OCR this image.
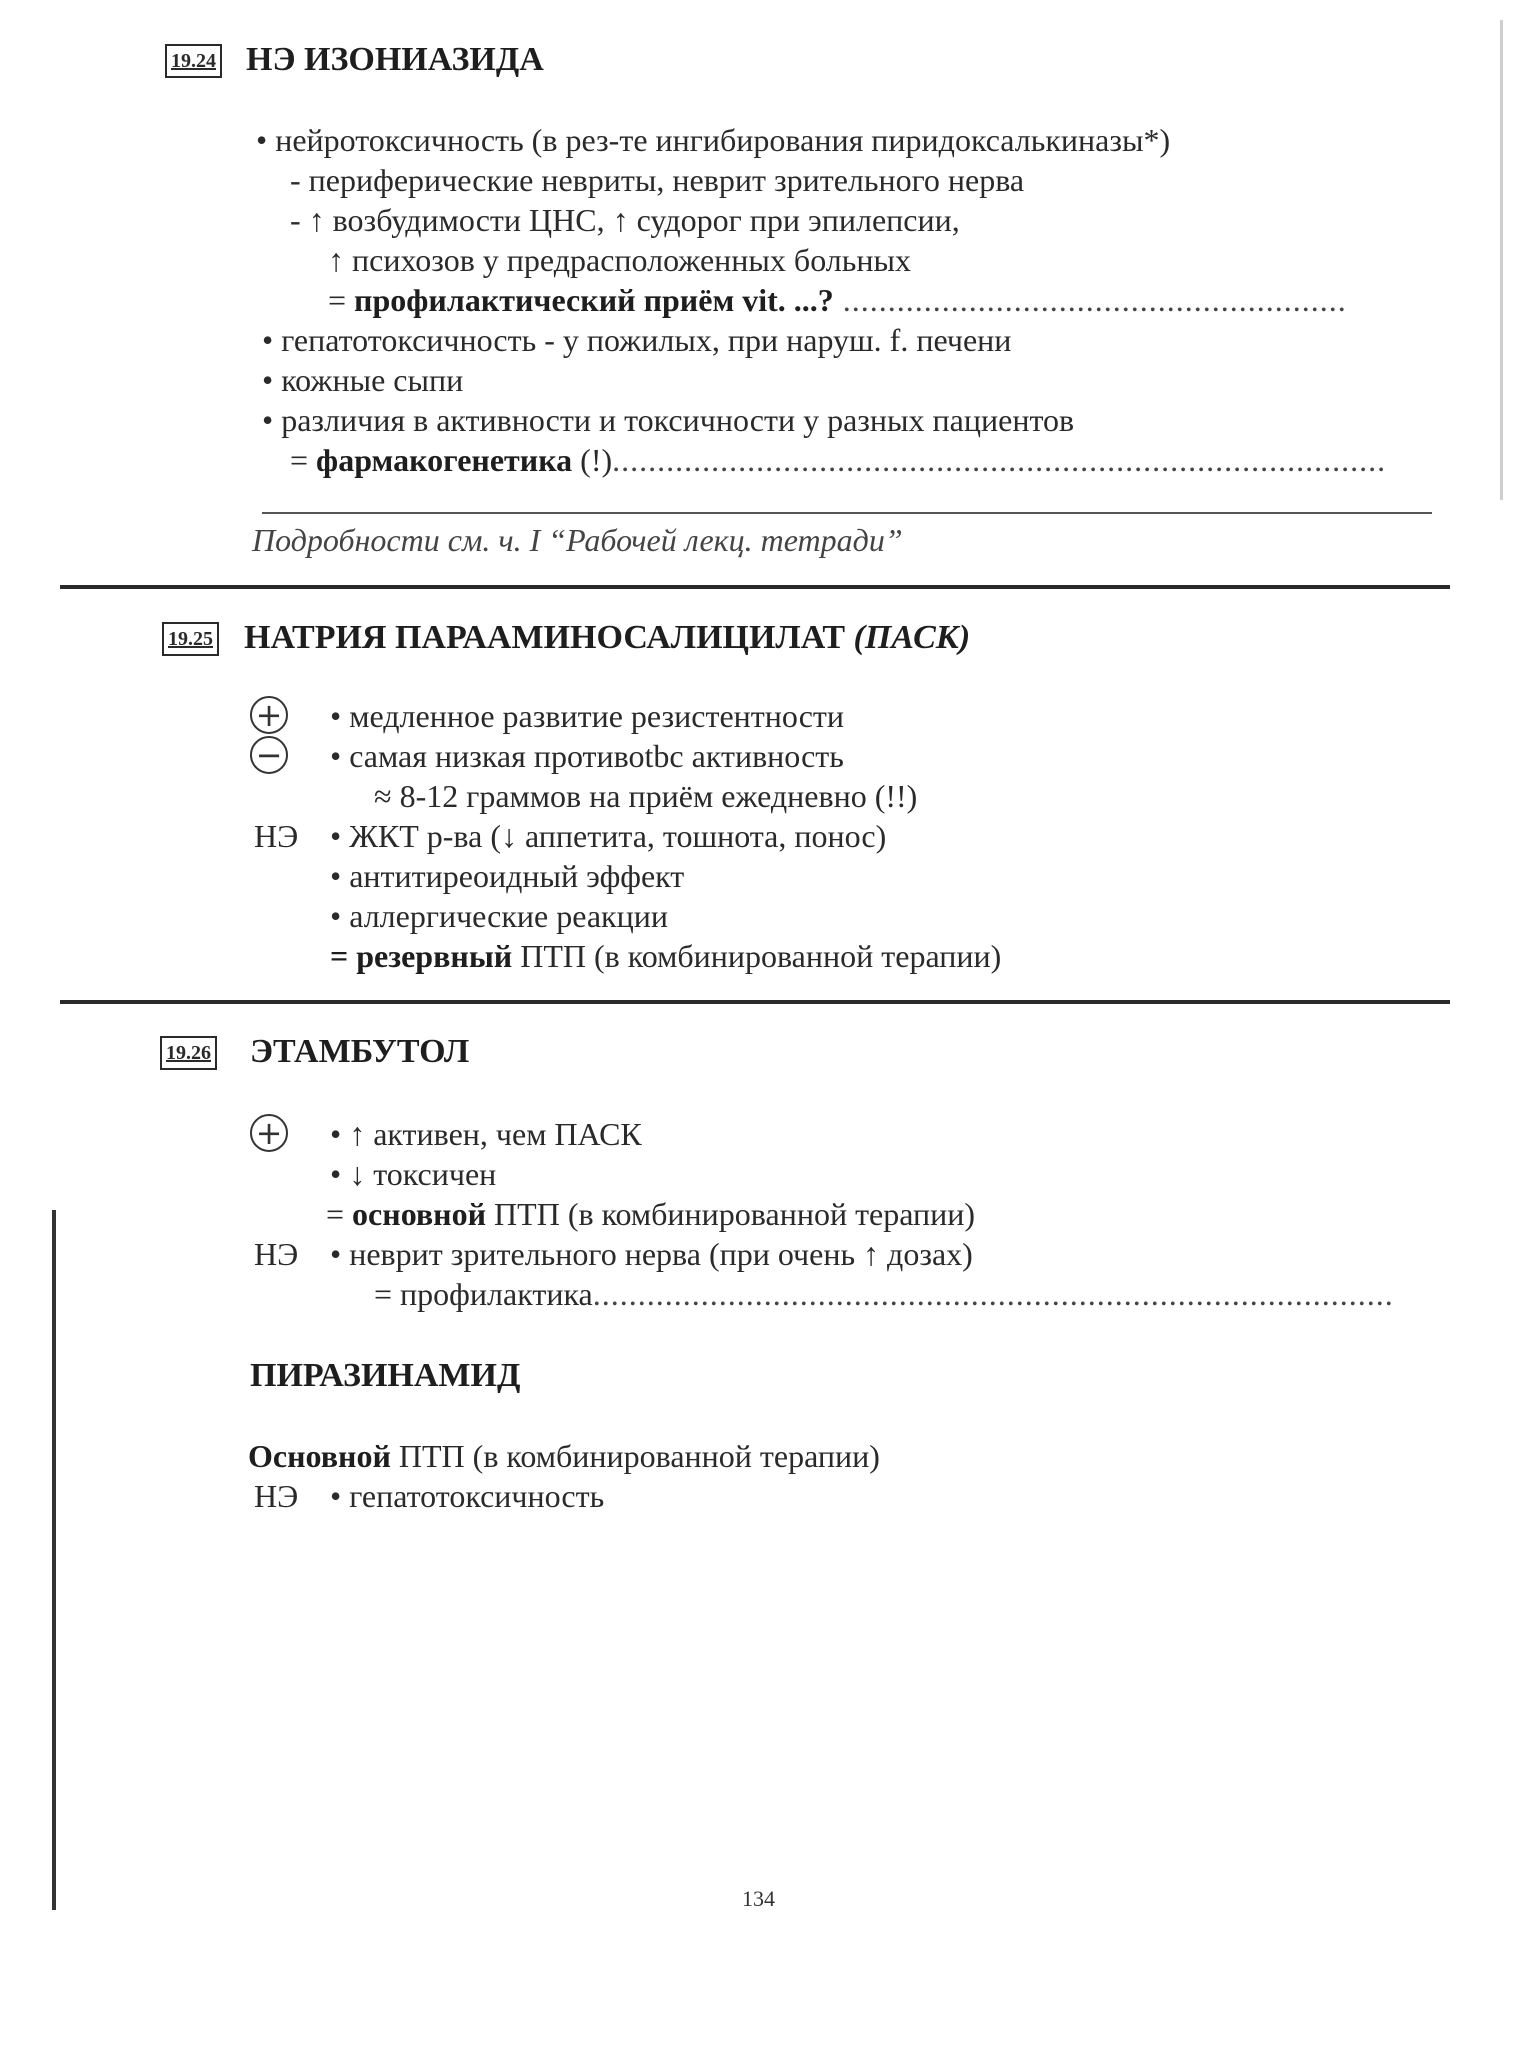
19.24 НЭ ИЗОНИАЗИДА
• нейротоксичность (в рез-те ингибирования пиридоксалькиназы*)
- периферические невриты, неврит зрительного нерва
- ↑ возбудимости ЦНС, ↑ судорог при эпилепсии,
↑ психозов у предрасположенных больных
= профилактический приём vit. ...? ........................................................
• гепатотоксичность - у пожилых, при наруш. f. печени
• кожные сыпи
• различия в активности и токсичности у разных пациентов
= фармакогенетика (!)......................................................................................
Подробности см. ч. I “Рабочей лекц. тетради”
19.25 НАТРИЯ ПАРААМИНОСАЛИЦИЛАТ (ПАСК)
+
−
• медленное развитие резистентности
• самая низкая противоtbc активность
≈ 8-12 граммов на приём ежедневно (!!)
НЭ • ЖКТ р-ва (↓ аппетита, тошнота, понос)
• антитиреоидный эффект
• аллергические реакции
= резервный ПТП (в комбинированной терапии)
19.26 ЭТАМБУТОЛ
+ • ↑ активен, чем ПАСК
• ↓ токсичен
= основной ПТП (в комбинированной терапии)
НЭ • неврит зрительного нерва (при очень ↑ дозах)
= профилактика.........................................................................................
ПИРАЗИНАМИД
Основной ПТП (в комбинированной терапии)
НЭ • гепатотоксичность
134
